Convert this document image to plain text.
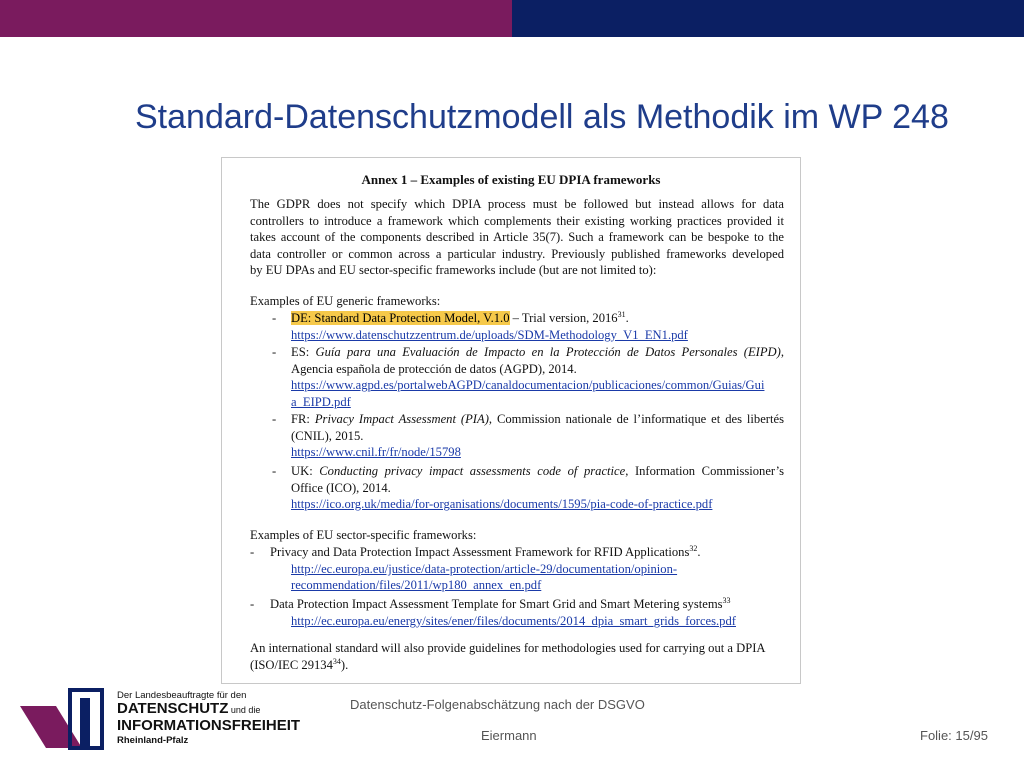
Standard-Datenschutzmodell als Methodik im WP 248
Annex 1 – Examples of existing EU DPIA frameworks
The GDPR does not specify which DPIA process must be followed but instead allows for data
controllers to introduce a framework which complements their existing working practices provided it
takes account of the components described in Article 35(7). Such a framework can be bespoke to the
data controller or common across a particular industry. Previously published frameworks developed
by EU DPAs and EU sector-specific frameworks include (but are not limited to):
Examples of EU generic frameworks:
- DE: Standard Data Protection Model, V.1.0 – Trial version, 2016$^{31}$.
https://www.datenschutzzentrum.de/uploads/SDM-Methodology_V1_EN1.pdf
- ES: Guía para una Evaluación de Impacto en la Protección de Datos Personales (EIPD),
Agencia española de protección de datos (AGPD), 2014.
https://www.agpd.es/portalwebAGPD/canaldocumentacion/publicaciones/common/Guias/Gui
a_EIPD.pdf
- FR: Privacy Impact Assessment (PIA), Commission nationale de l’informatique et des libertés
(CNIL), 2015.
https://www.cnil.fr/fr/node/15798
- UK: Conducting privacy impact assessments code of practice, Information Commissioner’s
Office (ICO), 2014.
https://ico.org.uk/media/for-organisations/documents/1595/pia-code-of-practice.pdf
Examples of EU sector-specific frameworks:
- Privacy and Data Protection Impact Assessment Framework for RFID Applications$^{32}$.
http://ec.europa.eu/justice/data-protection/article-29/documentation/opinion-
recommendation/files/2011/wp180_annex_en.pdf
- Data Protection Impact Assessment Template for Smart Grid and Smart Metering systems$^{33}$
http://ec.europa.eu/energy/sites/ener/files/documents/2014_dpia_smart_grids_forces.pdf
An international standard will also provide guidelines for methodologies used for carrying out a DPIA
(ISO/IEC 29134$^{34}$).
Der Landesbeauftragte für den
DATENSCHUTZ und die
INFORMATIONSFREIHEIT
Rheinland-Pfalz
Datenschutz-Folgenabschätzung nach der DSGVO
Eiermann	Folie: 15/95
